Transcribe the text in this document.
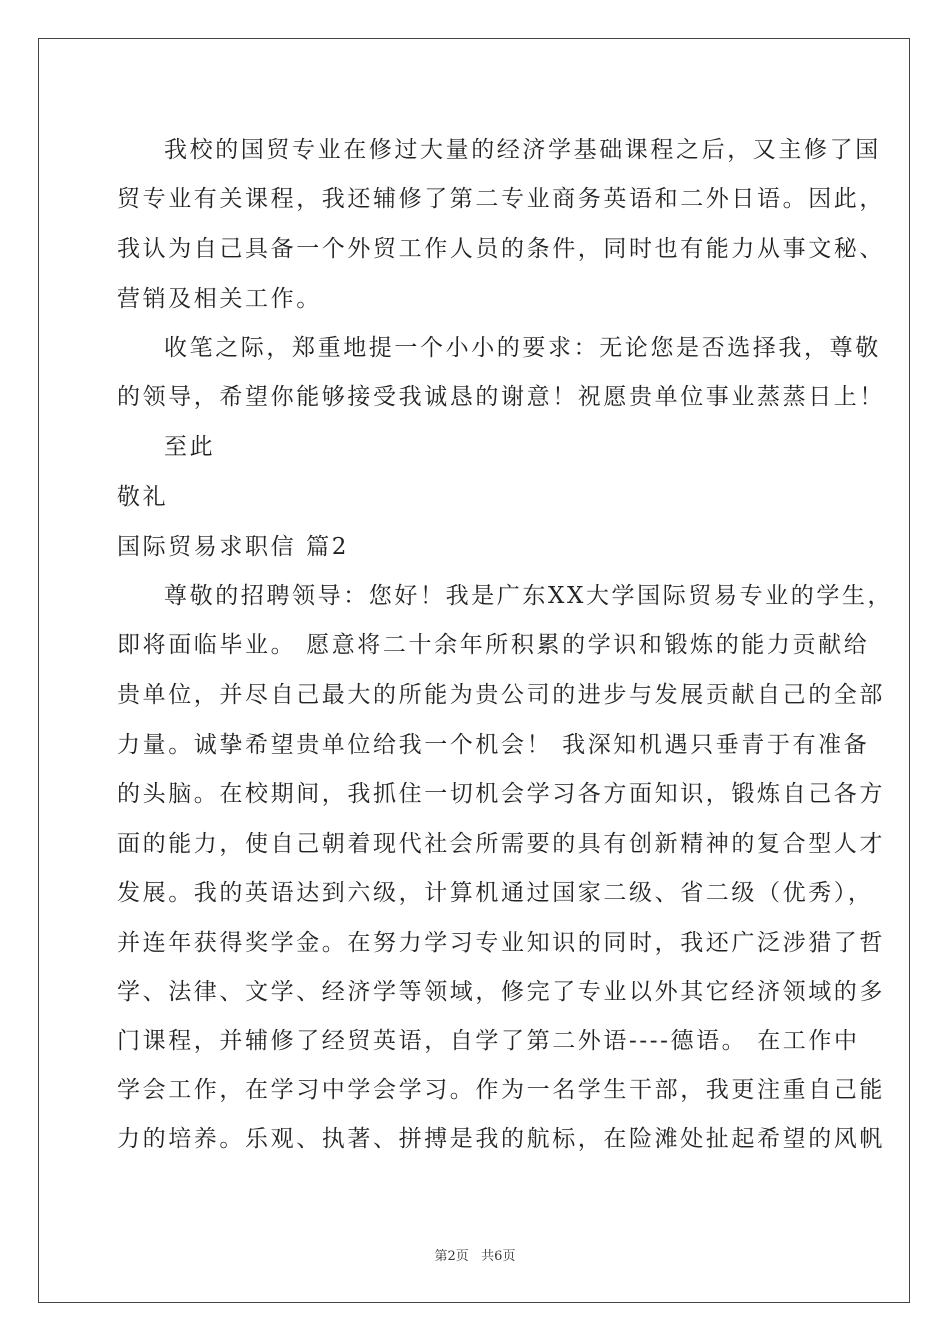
我校的国贸专业在修过大量的经济学基础课程之后，又主修了国
贸专业有关课程，我还辅修了第二专业商务英语和二外日语。因此，
我认为自己具备一个外贸工作人员的条件，同时也有能力从事文秘、
营销及相关工作。
收笔之际，郑重地提一个小小的要求：无论您是否选择我，尊敬
的领导，希望你能够接受我诚恳的谢意！祝愿贵单位事业蒸蒸日上！
至此
敬礼
国际贸易求职信 篇2
尊敬的招聘领导：您好！我是广东XX大学国际贸易专业的学生，
即将面临毕业。 愿意将二十余年所积累的学识和锻炼的能力贡献给
贵单位，并尽自己最大的所能为贵公司的进步与发展贡献自己的全部
力量。诚挚希望贵单位给我一个机会！ 我深知机遇只垂青于有准备
的头脑。在校期间，我抓住一切机会学习各方面知识，锻炼自己各方
面的能力，使自己朝着现代社会所需要的具有创新精神的复合型人才
发展。我的英语达到六级，计算机通过国家二级、省二级（优秀），
并连年获得奖学金。在努力学习专业知识的同时，我还广泛涉猎了哲
学、法律、文学、经济学等领域，修完了专业以外其它经济领域的多
门课程，并辅修了经贸英语，自学了第二外语----德语。 在工作中
学会工作，在学习中学会学习。作为一名学生干部，我更注重自己能
力的培养。乐观、执著、拼搏是我的航标，在险滩处扯起希望的风帆
第2页   共6页
